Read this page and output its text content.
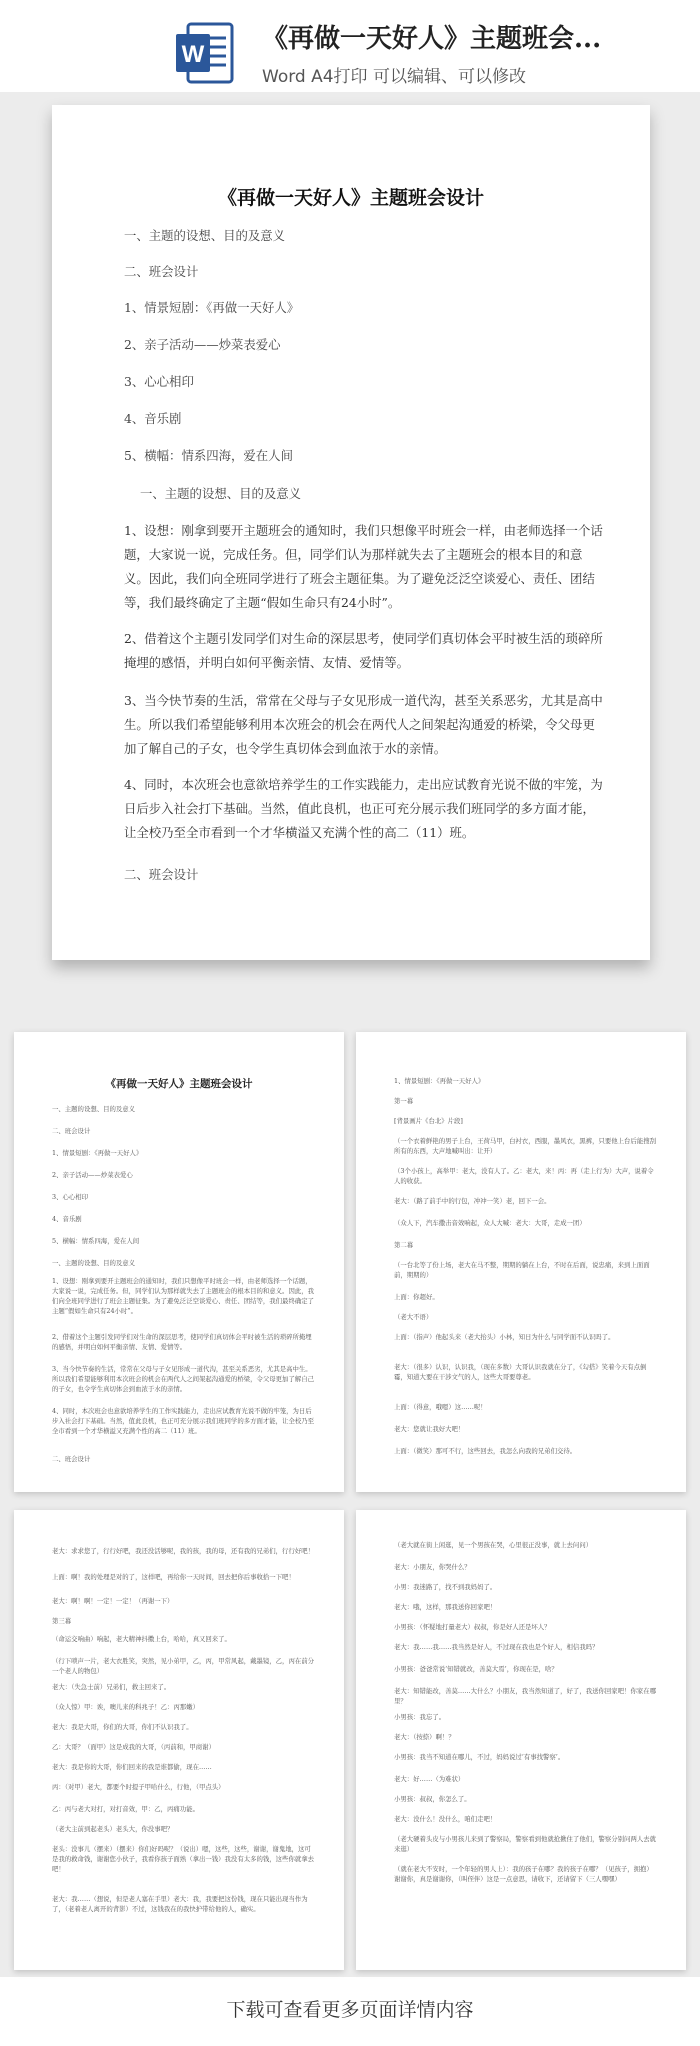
W
《再做一天好人》主题班会...
Word A4打印 可以编辑、可以修改
《再做一天好人》主题班会设计
一、主题的设想、目的及意义
二、班会设计
1、情景短剧：《再做一天好人》
2、亲子活动——炒菜表爱心
3、心心相印
4、音乐剧
5、横幅：情系四海，爱在人间
一、主题的设想、目的及意义
1、设想：刚拿到要开主题班会的通知时，我们只想像平时班会一样，由老师选择一个话题，大家说一说，完成任务。但，同学们认为那样就失去了主题班会的根本目的和意义。因此，我们向全班同学进行了班会主题征集。为了避免泛泛空谈爱心、责任、团结等，我们最终确定了主题“假如生命只有24小时”。
2、借着这个主题引发同学们对生命的深层思考，使同学们真切体会平时被生活的琐碎所掩埋的感悟，并明白如何平衡亲情、友情、爱情等。
3、当今快节奏的生活，常常在父母与子女见形成一道代沟，甚至关系恶劣，尤其是高中生。所以我们希望能够利用本次班会的机会在两代人之间架起沟通爱的桥梁，令父母更加了解自己的子女，也令学生真切体会到血浓于水的亲情。
4、同时，本次班会也意欲培养学生的工作实践能力，走出应试教育光说不做的牢笼，为日后步入社会打下基础。当然，值此良机，也正可充分展示我们班同学的多方面才能，让全校乃至全市看到一个才华横溢又充满个性的高二（11）班。
二、班会设计
《再做一天好人》主题班会设计
一、主题的设想、目的及意义
二、班会设计
1、情景短剧：《再做一天好人》
2、亲子活动——炒菜表爱心
3、心心相印
4、音乐剧
5、横幅：情系四海，爱在人间
一、主题的设想、目的及意义
1、设想：刚拿到要开主题班会的通知时，我们只想像平时班会一样，由老师选择一个话题，大家说一说，完成任务。但，同学们认为那样就失去了主题班会的根本目的和意义。因此，我们向全班同学进行了班会主题征集。为了避免泛泛空谈爱心、责任、团结等，我们最终确定了主题“假如生命只有24小时”。
2、借着这个主题引发同学们对生命的深层思考，使同学们真切体会平时被生活的琐碎所掩埋的感悟，并明白如何平衡亲情、友情、爱情等。
3、当今快节奏的生活，常常在父母与子女见形成一道代沟，甚至关系恶劣，尤其是高中生。所以我们希望能够利用本次班会的机会在两代人之间架起沟通爱的桥梁，令父母更加了解自己的子女，也令学生真切体会到血浓于水的亲情。
4、同时，本次班会也意欲培养学生的工作实践能力，走出应试教育光说不做的牢笼，为日后步入社会打下基础。当然，值此良机，也正可充分展示我们班同学的多方面才能，让全校乃至全市看到一个才华横溢又充满个性的高二（11）班。
二、班会设计
1、情景短剧：《再做一天好人》
第一幕
[背景画片《台北》片段]
（一个衣着鲜艳的男子上台，王荷马甲，白衬衣，西服，墨风衣，黑裤，只要他上台后能搜刮所有的东西，大声地喊叫出：让开）
（3个小孩上，高举甲：老大，没有人了。乙：老大，来！丙：再（走上行为）大声，说着令人的收获。
老大：（路了前手中的行包，冲冲一笑）老，回下一会。
（众人下，汽车撒击音效响起，众人大喊：老大：大哥，走成一团）
第二幕
（一台北等了份上场，老大在马不整，期期的躺在上台，不时在后面，说忠痛，来到上面面前，期期的）
上面：你超好。
（老大不语）
上面：（指声）他起头来（老大抬头）小林，知日为什么与同学面不认识吗了。
老大：（很多）认识，认识我，（现在多数）大哥认识我就在分了，《勾搭》笑着今天有点倒霉，知道大要在干涉文气的人，这些大哥要尊老。
上面：（得意，哦嗯）这……呢！
老大：您就让我好大吧！
上面：（微笑）那可不行，这些回去，我怎么向我的兄弟们交待。
老大：求求您了，行行好吧，我还没活够呢，我的孩，我的母，还有我的兄弟们，行行好吧！
上面：啊！我的处理是对的了，这样吧，再给你一天时间，回去把你后事收拾一下吧！
老大：啊！啊！一定！一定！（再谢一下）
第三幕
（命运交响曲）响起，老大精神抖擞上台，哈哈，真又回来了。
（行下唢声一片，老大衣胜笑，突然，见小弟甲，乙，丙，甲常风起，戴墨镜，乙，丙在前分一个老人的物包）
老大：（失急士前）兄弟们，救主回来了。
（众人惊）甲：诶，噢儿来的科兆子！乙：丙那嫩）
老大：我是大哥，你们的大哥，你们不认识我了。
乙：大哥？（面甲）这是成我的大哥，（丙前和，甲商谢）
老大：我是你的大哥，你们回来的我是谁都偷，现在……
丙：（对甲）老大，都要个时提子甲哈什么，行他，（甲点头）
乙：丙与老大对打，对打音效，甲：乙，丙痛功能。
（老大主前到起老头）老头大，你没事吧？
老头：没事儿（摆来）（摆来）你们好吗呢？（说出）嗯，这些，这些，谢谢，谢鬼地，这可是我的救命钱，谢谢您小伙子，我看你孩子面熟（拿出一钱）我没有太多的钱，这些你就拿去吧！
老大：我……（想说，但是老人塞在手里）老大：我，我要把这份钱，现在只能出现当作为了，（老着老人离开的背影）不过，这钱我在的我快护带给他的人，确实。
（老大就在街上闲逛，见一个男孩在哭，心里很正没事，就上去问问）
老大：小朋友，你哭什么？
小男：我迷路了，找不到我妈妈了。
老大：哦，这样，那我送你回家吧！
小男孩：（怀疑地打量老大）叔叔，你是好人还是坏人？
老大：我……我……我当然是好人，不过现在我也是个好人，相信我吗？
小男孩：爸爸常说‘知错就改，善莫大焉’，你现在是，啥？
老大：知错能改，善莫……大什么？小朋友，我当然知道了，好了，我送你回家吧！你家在哪里？
小男孩：我忘了。
老大：（按捺）啊！？
小男孩：我当不知道在哪儿，不过，妈妈说过‘有事找警察’。
老大：好……（为难状）
小男孩：叔叔，你怎么了。
老大：没什么！没什么，咱们走吧！
（老大硬着头皮与小男孩儿来到了警察局，警察看到他就抢揪住了他们，警察分别问两人去就来逛）
（就在老大不安时，一个年轻的男人上）：我的孩子在哪？我的孩子在哪？（见孩子，拥抱）谢谢你，真是谢谢你，（叫侄伴）这是一点意思，请收下，还请留下（三人嘿嘿）
下载可查看更多页面详情内容
